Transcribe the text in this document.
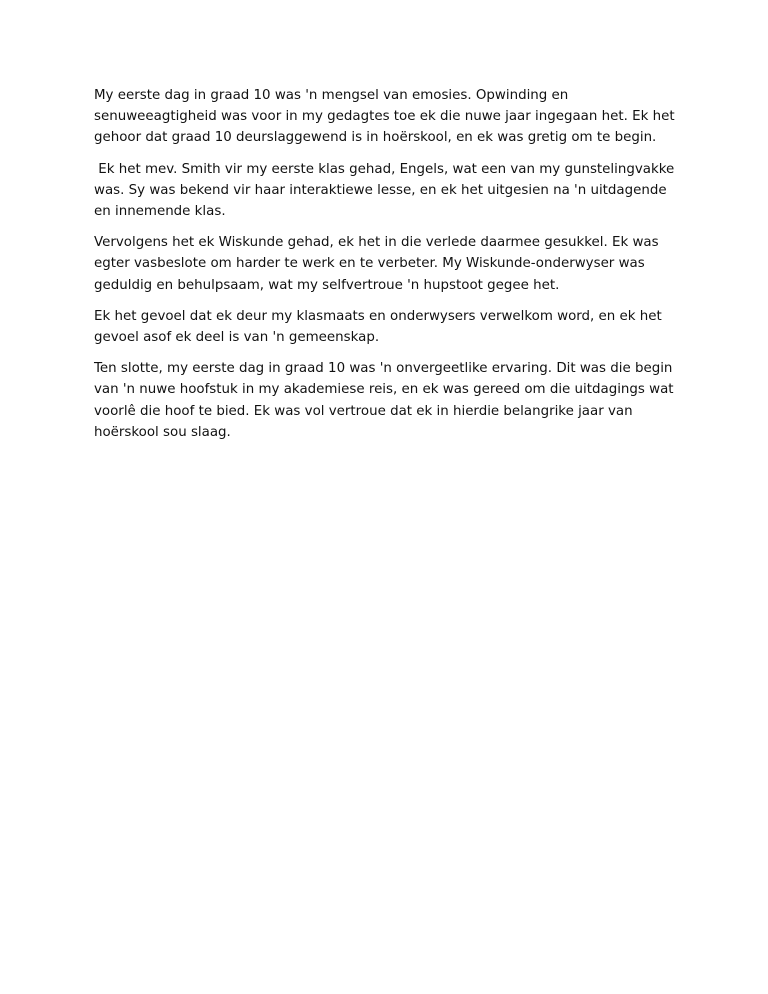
My eerste dag in graad 10 was 'n mengsel van emosies. Opwinding en senuweeagtigheid was voor in my gedagtes toe ek die nuwe jaar ingegaan het. Ek het gehoor dat graad 10 deurslaggewend is in hoërskool, en ek was gretig om te begin.

Ek het mev. Smith vir my eerste klas gehad, Engels, wat een van my gunstelingvakke was. Sy was bekend vir haar interaktiewe lesse, en ek het uitgesien na 'n uitdagende en innemende klas.

Vervolgens het ek Wiskunde gehad, ek het in die verlede daarmee gesukkel. Ek was egter vasbeslote om harder te werk en te verbeter. My Wiskunde-onderwyser was geduldig en behulpsaam, wat my selfvertroue 'n hupstoot gegee het.

Ek het gevoel dat ek deur my klasmaats en onderwysers verwelkom word, en ek het gevoel asof ek deel is van 'n gemeenskap.

Ten slotte, my eerste dag in graad 10 was 'n onvergeetlike ervaring. Dit was die begin van 'n nuwe hoofstuk in my akademiese reis, en ek was gereed om die uitdagings wat voorlê die hoof te bied. Ek was vol vertroue dat ek in hierdie belangrike jaar van hoërskool sou slaag.
